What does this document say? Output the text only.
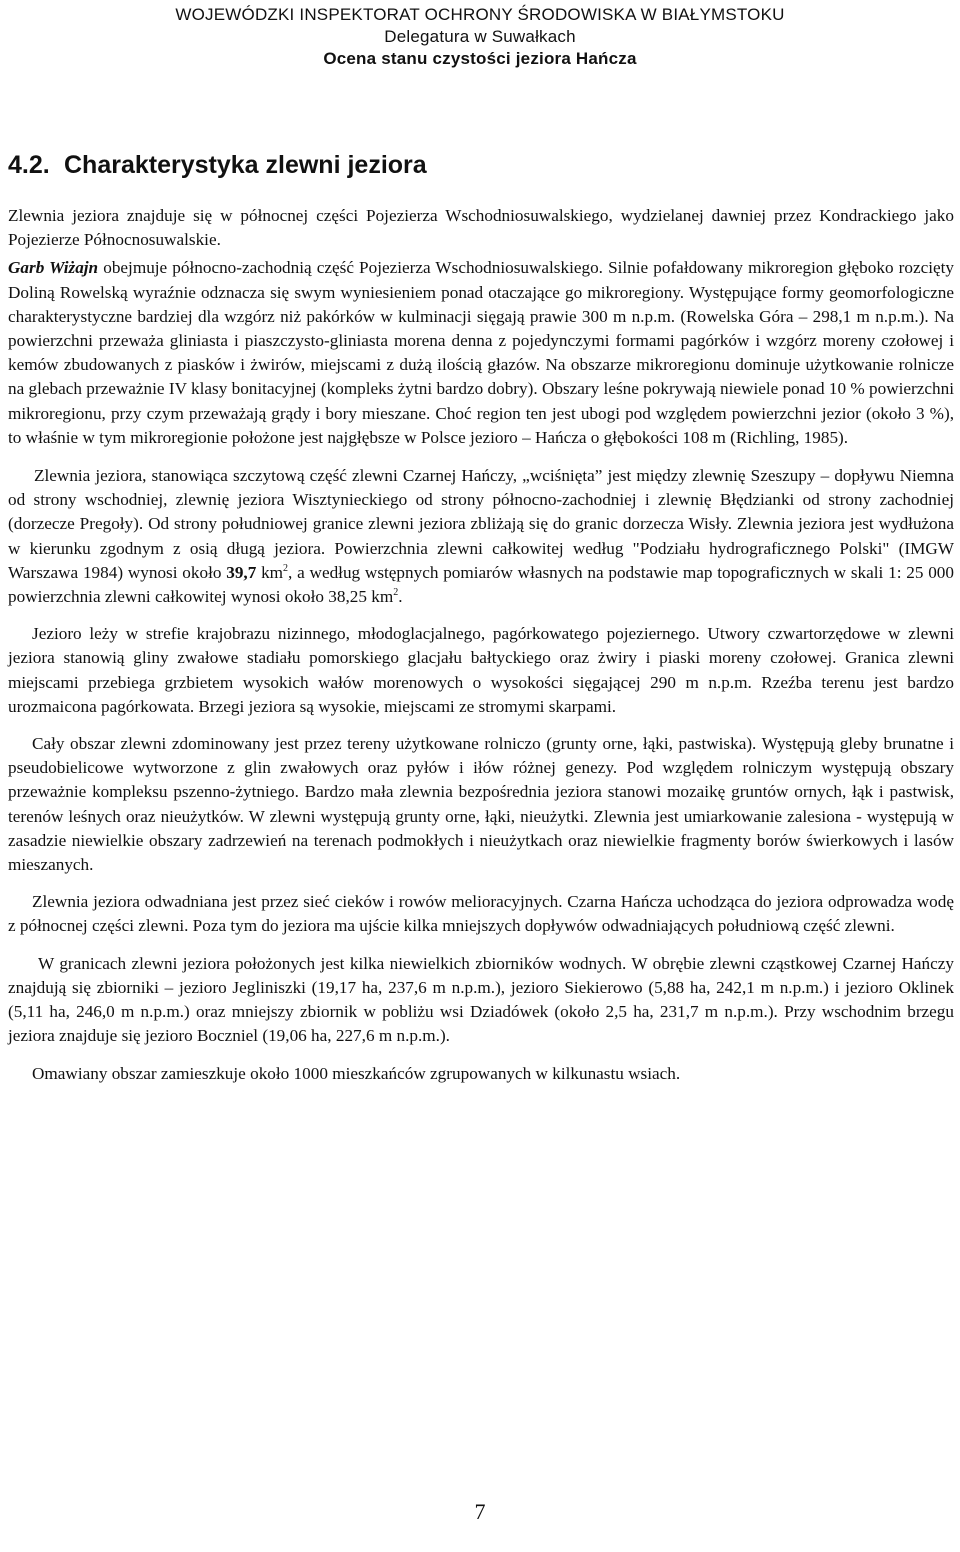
WOJEWÓDZKI INSPEKTORAT OCHRONY ŚRODOWISKA W BIAŁYMSTOKU
Delegatura w Suwałkach
Ocena stanu czystości jeziora Hańcza
4.2. Charakterystyka zlewni jeziora

Zlewnia jeziora znajduje się w północnej części Pojezierza Wschodniosuwalskiego, wydzielanej dawniej przez Kondrackiego jako Pojezierze Północnosuwalskie.

Garb Wiżajn obejmuje północno-zachodnią część Pojezierza Wschodniosuwalskiego. Silnie pofałdowany mikroregion głęboko rozcięty Doliną Rowelską wyraźnie odznacza się swym wyniesieniem ponad otaczające go mikroregiony. Występujące formy geomorfologiczne charakterystyczne bardziej dla wzgórz niż pakórków w kulminacji sięgają prawie 300 m n.p.m. (Rowelska Góra – 298,1 m n.p.m.). Na powierzchni przeważa gliniasta i piaszczysto-gliniasta morena denna z pojedynczymi formami pagórków i wzgórz moreny czołowej i kemów zbudowanych z piasków i żwirów, miejscami z dużą ilością głazów. Na obszarze mikroregionu dominuje użytkowanie rolnicze na glebach przeważnie IV klasy bonitacyjnej (kompleks żytni bardzo dobry). Obszary leśne pokrywają niewiele ponad 10 % powierzchni mikroregionu, przy czym przeważają grądy i bory mieszane. Choć region ten jest ubogi pod względem powierzchni jezior (około 3 %), to właśnie w tym mikroregionie położone jest najgłębsze w Polsce jezioro – Hańcza o głębokości 108 m (Richling, 1985).

Zlewnia jeziora, stanowiąca szczytową część zlewni Czarnej Hańczy, „wciśnięta” jest między zlewnię Szeszupy – dopływu Niemna od strony wschodniej, zlewnię jeziora Wisztynieckiego od strony północno-zachodniej i zlewnię Błędzianki od strony zachodniej (dorzecze Pregoły). Od strony południowej granice zlewni jeziora zbliżają się do granic dorzecza Wisły. Zlewnia jeziora jest wydłużona w kierunku zgodnym z osią długą jeziora. Powierzchnia zlewni całkowitej według "Podziału hydrograficznego Polski" (IMGW Warszawa 1984) wynosi około 39,7 $km^2$, a według wstępnych pomiarów własnych na podstawie map topograficznych w skali 1: 25 000 powierzchnia zlewni całkowitej wynosi około 38,25 $km^2$.

Jezioro leży w strefie krajobrazu nizinnego, młodoglacjalnego, pagórkowatego pojeziernego. Utwory czwartorzędowe w zlewni jeziora stanowią gliny zwałowe stadiału pomorskiego glacjału bałtyckiego oraz żwiry i piaski moreny czołowej. Granica zlewni miejscami przebiega grzbietem wysokich wałów morenowych o wysokości sięgającej 290 m n.p.m. Rzeźba terenu jest bardzo urozmaicona pagórkowata. Brzegi jeziora są wysokie, miejscami ze stromymi skarpami.

Cały obszar zlewni zdominowany jest przez tereny użytkowane rolniczo (grunty orne, łąki, pastwiska). Występują gleby brunatne i pseudobielicowe wytworzone z glin zwałowych oraz pyłów i iłów różnej genezy. Pod względem rolniczym występują obszary przeważnie kompleksu pszenno-żytniego. Bardzo mała zlewnia bezpośrednia jeziora stanowi mozaikę gruntów ornych, łąk i pastwisk, terenów leśnych oraz nieużytków. W zlewni występują grunty orne, łąki, nieużytki. Zlewnia jest umiarkowanie zalesiona - występują w zasadzie niewielkie obszary zadrzewień na terenach podmokłych i nieużytkach oraz niewielkie fragmenty borów świerkowych i lasów mieszanych.

Zlewnia jeziora odwadniana jest przez sieć cieków i rowów melioracyjnych. Czarna Hańcza uchodząca do jeziora odprowadza wodę z północnej części zlewni. Poza tym do jeziora ma ujście kilka mniejszych dopływów odwadniających południową część zlewni.

W granicach zlewni jeziora położonych jest kilka niewielkich zbiorników wodnych. W obrębie zlewni cząstkowej Czarnej Hańczy znajdują się zbiorniki – jezioro Jegliniszki (19,17 ha, 237,6 m n.p.m.), jezioro Siekierowo (5,88 ha, 242,1 m n.p.m.) i jezioro Oklinek (5,11 ha, 246,0 m n.p.m.) oraz mniejszy zbiornik w pobliżu wsi Dziadówek (około 2,5 ha, 231,7 m n.p.m.). Przy wschodnim brzegu jeziora znajduje się jezioro Boczniel (19,06 ha, 227,6 m n.p.m.).

Omawiany obszar zamieszkuje około 1000 mieszkańców zgrupowanych w kilkunastu wsiach.

7
